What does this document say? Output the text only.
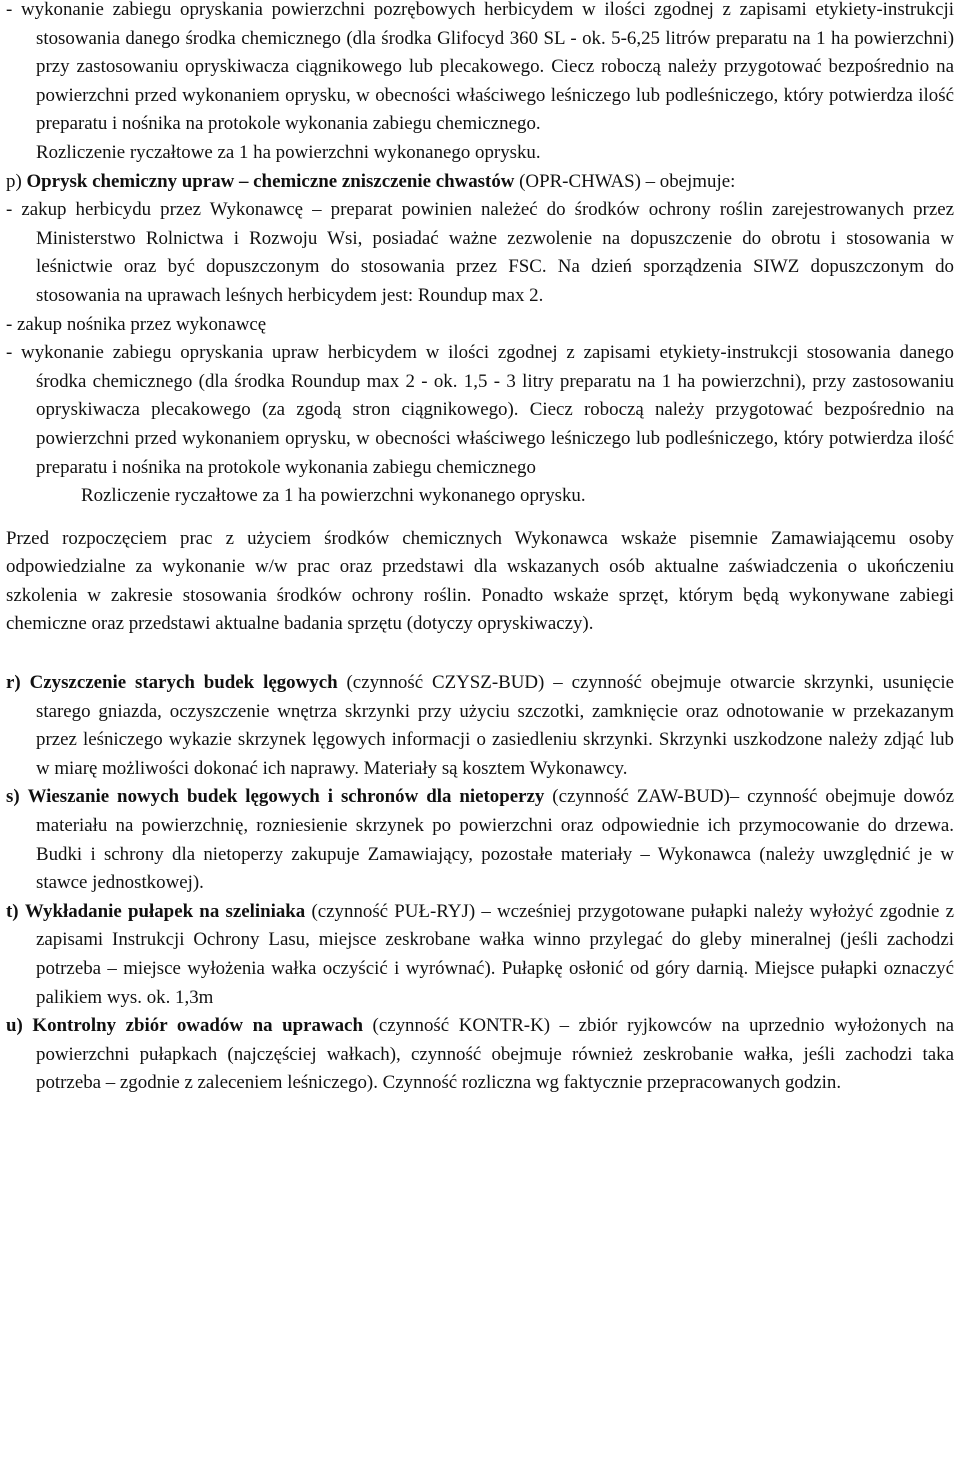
- wykonanie zabiegu opryskania powierzchni pozrębowych herbicydem w ilości zgodnej z zapisami etykiety-instrukcji stosowania danego środka chemicznego (dla środka Glifocyd 360 SL - ok. 5-6,25 litrów preparatu na 1 ha powierzchni) przy zastosowaniu opryskiwacza ciągnikowego lub plecakowego. Ciecz roboczą należy przygotować bezpośrednio na powierzchni przed wykonaniem oprysku, w obecności właściwego leśniczego lub podleśniczego, który potwierdza ilość preparatu i nośnika na protokole wykonania zabiegu chemicznego.

Rozliczenie ryczałtowe za 1 ha powierzchni wykonanego oprysku.

p) Oprysk chemiczny upraw – chemiczne zniszczenie chwastów (OPR-CHWAS) – obejmuje:

- zakup herbicydu przez Wykonawcę – preparat powinien należeć do środków ochrony roślin zarejestrowanych przez Ministerstwo Rolnictwa i Rozwoju Wsi, posiadać ważne zezwolenie na dopuszczenie do obrotu i stosowania w leśnictwie oraz być dopuszczonym do stosowania przez FSC. Na dzień sporządzenia SIWZ dopuszczonym do stosowania na uprawach leśnych herbicydem jest: Roundup max 2.

- zakup nośnika przez wykonawcę

- wykonanie zabiegu opryskania upraw herbicydem w ilości zgodnej z zapisami etykiety-instrukcji stosowania danego środka chemicznego (dla środka Roundup max 2 - ok. 1,5 - 3 litry preparatu na 1 ha powierzchni), przy zastosowaniu opryskiwacza plecakowego (za zgodą stron ciągnikowego). Ciecz roboczą należy przygotować bezpośrednio na powierzchni przed wykonaniem oprysku, w obecności właściwego leśniczego lub podleśniczego, który potwierdza ilość preparatu i nośnika na protokole wykonania zabiegu chemicznego

Rozliczenie ryczałtowe za 1 ha powierzchni wykonanego oprysku.

Przed rozpoczęciem prac z użyciem środków chemicznych Wykonawca wskaże pisemnie Zamawiającemu osoby odpowiedzialne za wykonanie w/w prac oraz przedstawi dla wskazanych osób aktualne zaświadczenia o ukończeniu szkolenia w zakresie stosowania środków ochrony roślin. Ponadto wskaże sprzęt, którym będą wykonywane zabiegi chemiczne oraz przedstawi aktualne badania sprzętu (dotyczy opryskiwaczy).

r) Czyszczenie starych budek lęgowych (czynność CZYSZ-BUD) – czynność obejmuje otwarcie skrzynki, usunięcie starego gniazda, oczyszczenie wnętrza skrzynki przy użyciu szczotki, zamknięcie oraz odnotowanie w przekazanym przez leśniczego wykazie skrzynek lęgowych informacji o zasiedleniu skrzynki. Skrzynki uszkodzone należy zdjąć lub w miarę możliwości dokonać ich naprawy. Materiały są kosztem Wykonawcy.

s) Wieszanie nowych budek lęgowych i schronów dla nietoperzy (czynność ZAW-BUD)– czynność obejmuje dowóz materiału na powierzchnię, rozniesienie skrzynek po powierzchni oraz odpowiednie ich przymocowanie do drzewa. Budki i schrony dla nietoperzy zakupuje Zamawiający, pozostałe materiały – Wykonawca (należy uwzględnić je w stawce jednostkowej).

t) Wykładanie pułapek na szeliniaka (czynność PUŁ-RYJ) – wcześniej przygotowane pułapki należy wyłożyć zgodnie z zapisami Instrukcji Ochrony Lasu, miejsce zeskrobane wałka winno przylegać do gleby mineralnej (jeśli zachodzi potrzeba – miejsce wyłożenia wałka oczyścić i wyrównać). Pułapkę osłonić od góry darnią. Miejsce pułapki oznaczyć palikiem wys. ok. 1,3m

u) Kontrolny zbiór owadów na uprawach (czynność KONTR-K) – zbiór ryjkowców na uprzednio wyłożonych na powierzchni pułapkach (najczęściej wałkach), czynność obejmuje również zeskrobanie wałka, jeśli zachodzi taka potrzeba – zgodnie z zaleceniem leśniczego). Czynność rozliczna wg faktycznie przepracowanych godzin.
